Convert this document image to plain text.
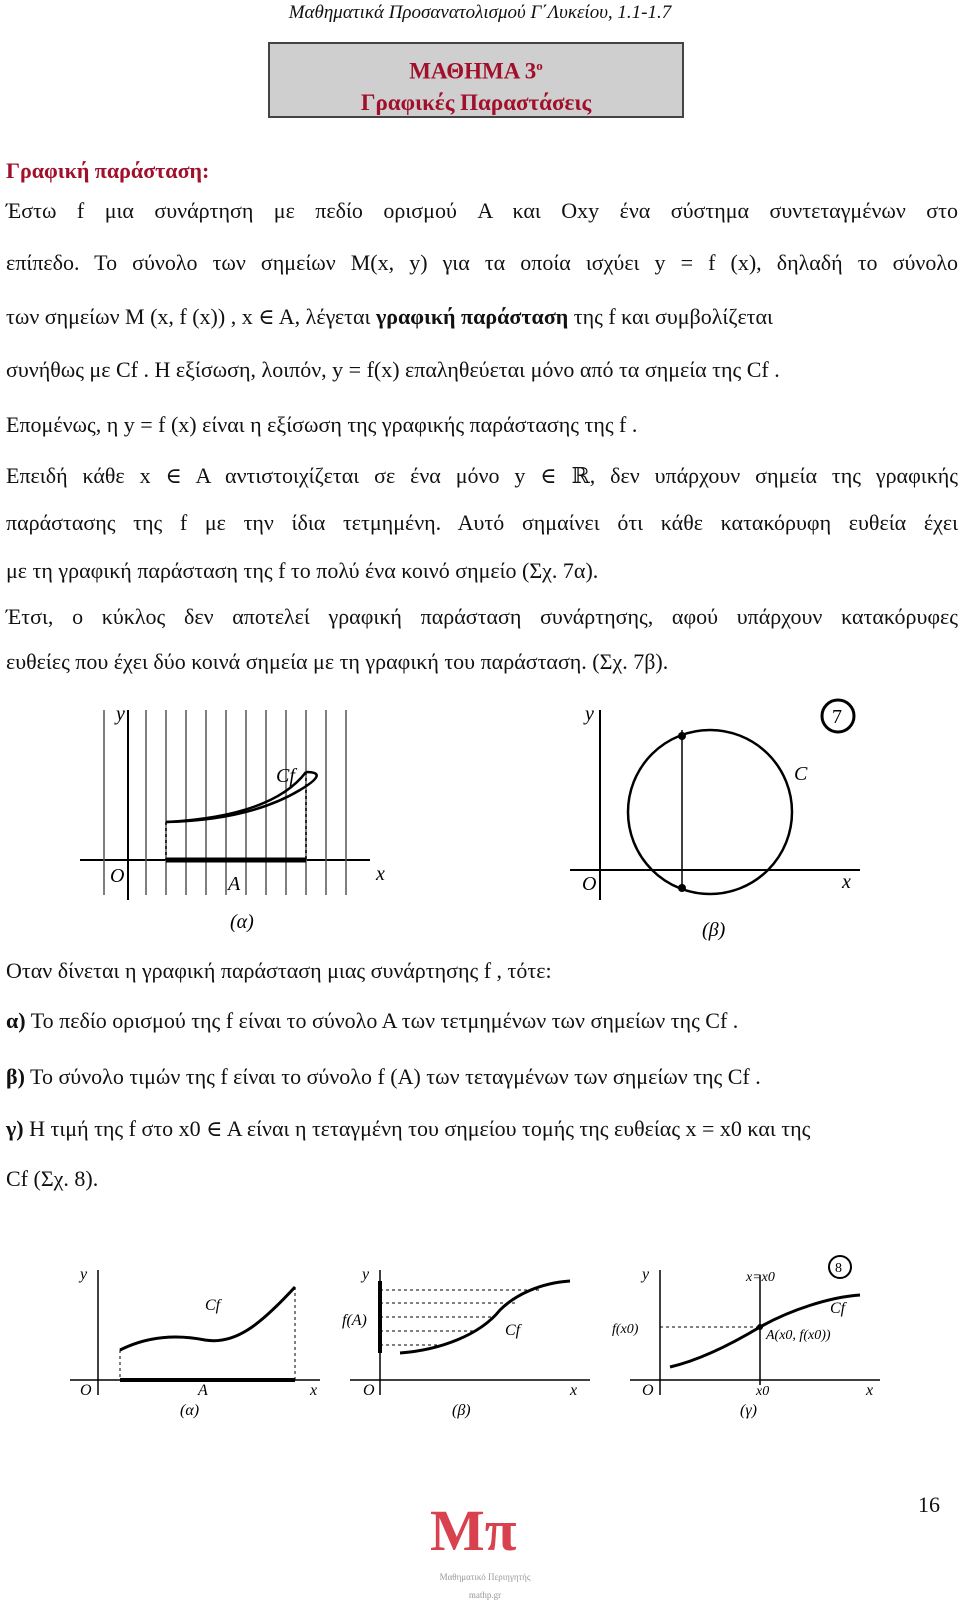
Μαθηματικά Προσανατολισμού Γ΄Λυκείου, 1.1-1.7
ΜΑΘΗΜΑ $3^o$
Γραφικές Παραστάσεις
Γραφική παράσταση:
Έστω f μια συνάρτηση με πεδίο ορισμού A και Oxy ένα σύστημα συντεταγμένων στο
επίπεδο. Το σύνολο των σημείων M(x, y) για τα οποία ισχύει y = f (x), δηλαδή το σύνολο
των σημείων M (x, f (x)) , x ∈ A, λέγεται γραφική παράσταση της f και συμβολίζεται
συνήθως με Cf . Η εξίσωση, λοιπόν, y = f(x) επαληθεύεται μόνο από τα σημεία της Cf .
Επομένως, η y = f (x) είναι η εξίσωση της γραφικής παράστασης της f .
Επειδή κάθε x ∈ A αντιστοιχίζεται σε ένα μόνο y ∈ ℝ, δεν υπάρχουν σημεία της γραφικής
παράστασης της f με την ίδια τετμημένη. Αυτό σημαίνει ότι κάθε κατακόρυφη ευθεία έχει
με τη γραφική παράσταση της f το πολύ ένα κοινό σημείο (Σχ. 7α).
Έτσι, ο κύκλος δεν αποτελεί γραφική παράσταση συνάρτησης, αφού υπάρχουν κατακόρυφες
ευθείες που έχει δύο κοινά σημεία με τη γραφική του παράσταση. (Σχ. 7β).
y
x
O
Cf
A
(α)
7
y
x
O
C
(β)
Οταν δίνεται η γραφική παράσταση μιας συνάρτησης f , τότε:
α) Το πεδίο ορισμού της f είναι το σύνολο Α των τετμημένων των σημείων της Cf .
β) Το σύνολο τιμών της f είναι το σύνολο f (A) των τεταγμένων των σημείων της Cf .
γ) Η τιμή της f στο x0 ∈ A είναι η τεταγμένη του σημείου τομής της ευθείας x = x0 και της
Cf (Σχ. 8).
y
x
O
Cf
A
(α)
y
x
O
f(A)
Cf
(β)
8
y
x
O
x=x0
Cf
f(x0)	A(x0, f(x0))
x0
(γ)
16
Mπ
Μαθηματικό Περιηγητής
mathp.gr
